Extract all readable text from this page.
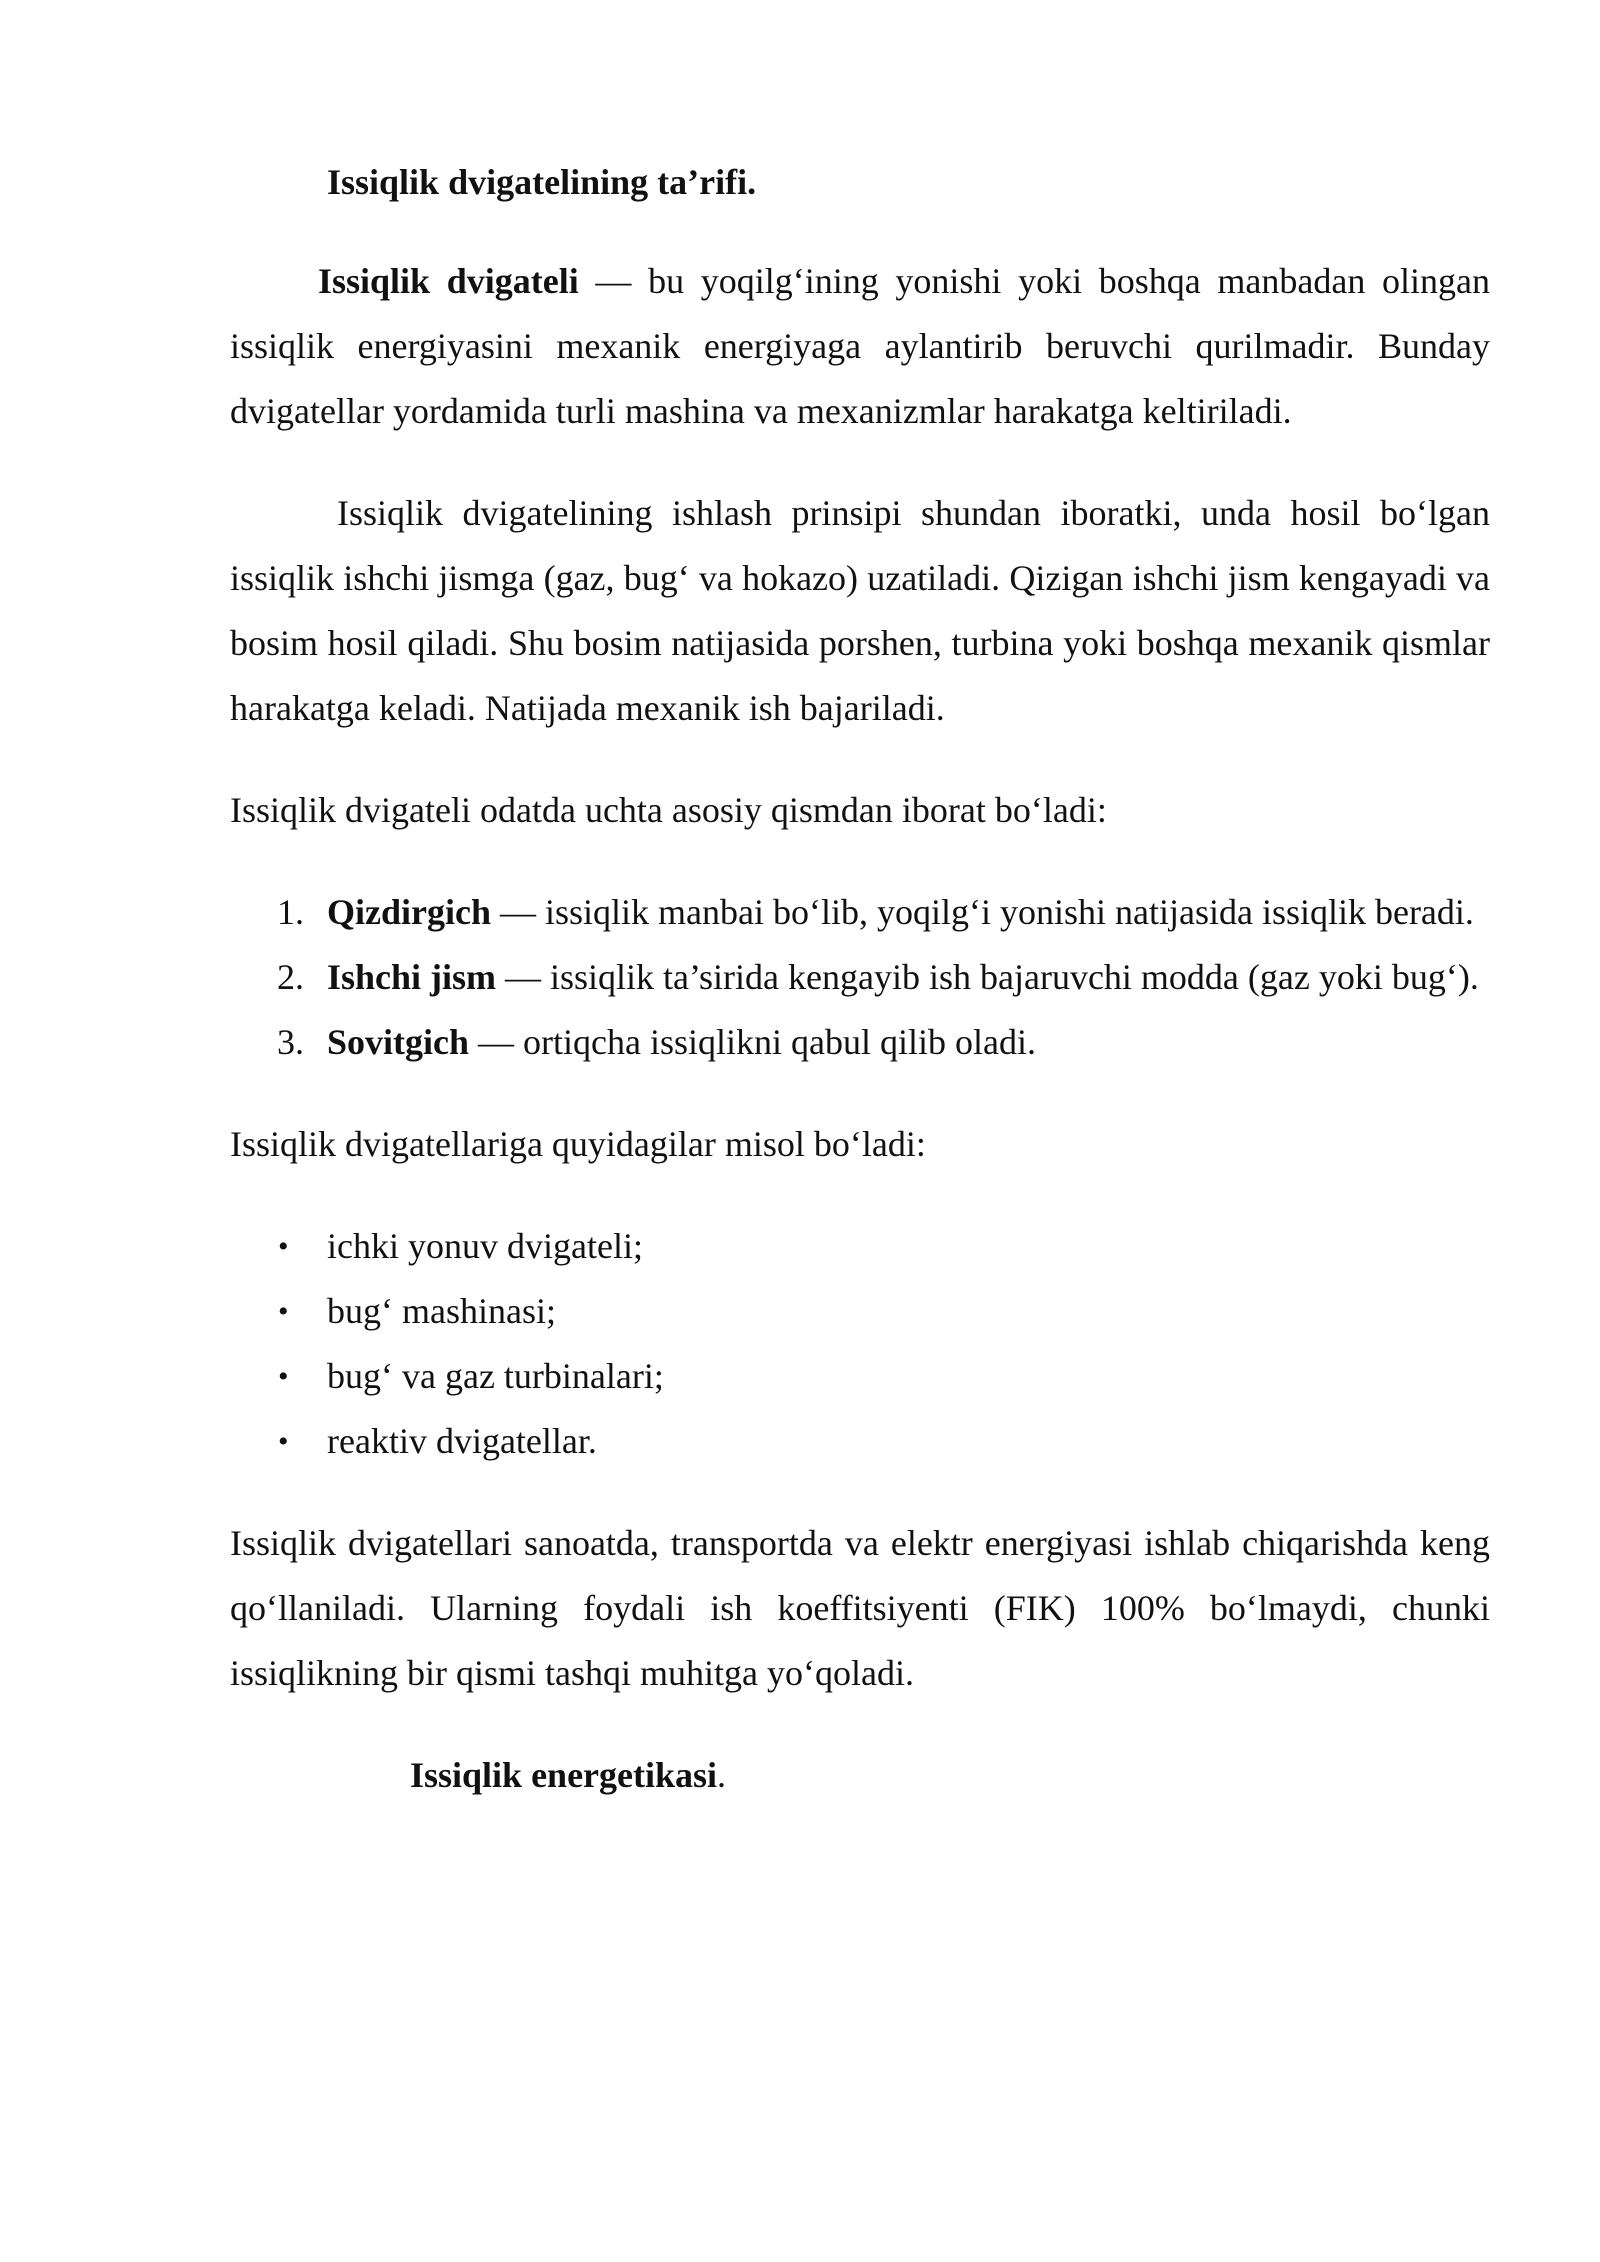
Issiqlik dvigatelining ta’rifi.

Issiqlik dvigateli — bu yoqilg‘ining yonishi yoki boshqa manbadan olingan issiqlik energiyasini mexanik energiyaga aylantirib beruvchi qurilmadir. Bunday dvigatellar yordamida turli mashina va mexanizmlar harakatga keltiriladi.

Issiqlik dvigatelining ishlash prinsipi shundan iboratki, unda hosil bo‘lgan issiqlik ishchi jismga (gaz, bug‘ va hokazo) uzatiladi. Qizigan ishchi jism kengayadi va bosim hosil qiladi. Shu bosim natijasida porshen, turbina yoki boshqa mexanik qismlar harakatga keladi. Natijada mexanik ish bajariladi.

Issiqlik dvigateli odatda uchta asosiy qismdan iborat bo‘ladi:

1. Qizdirgich — issiqlik manbai bo‘lib, yoqilg‘i yonishi natijasida issiqlik beradi.
2. Ishchi jism — issiqlik ta’sirida kengayib ish bajaruvchi modda (gaz yoki bug‘).
3. Sovitgich — ortiqcha issiqlikni qabul qilib oladi.

Issiqlik dvigatellariga quyidagilar misol bo‘ladi:

• ichki yonuv dvigateli;
• bug‘ mashinasi;
• bug‘ va gaz turbinalari;
• reaktiv dvigatellar.

Issiqlik dvigatellari sanoatda, transportda va elektr energiyasi ishlab chiqarishda keng qo‘llaniladi. Ularning foydali ish koeffitsiyenti (FIK) 100% bo‘lmaydi, chunki issiqlikning bir qismi tashqi muhitga yo‘qoladi.

Issiqlik energetikasi.
